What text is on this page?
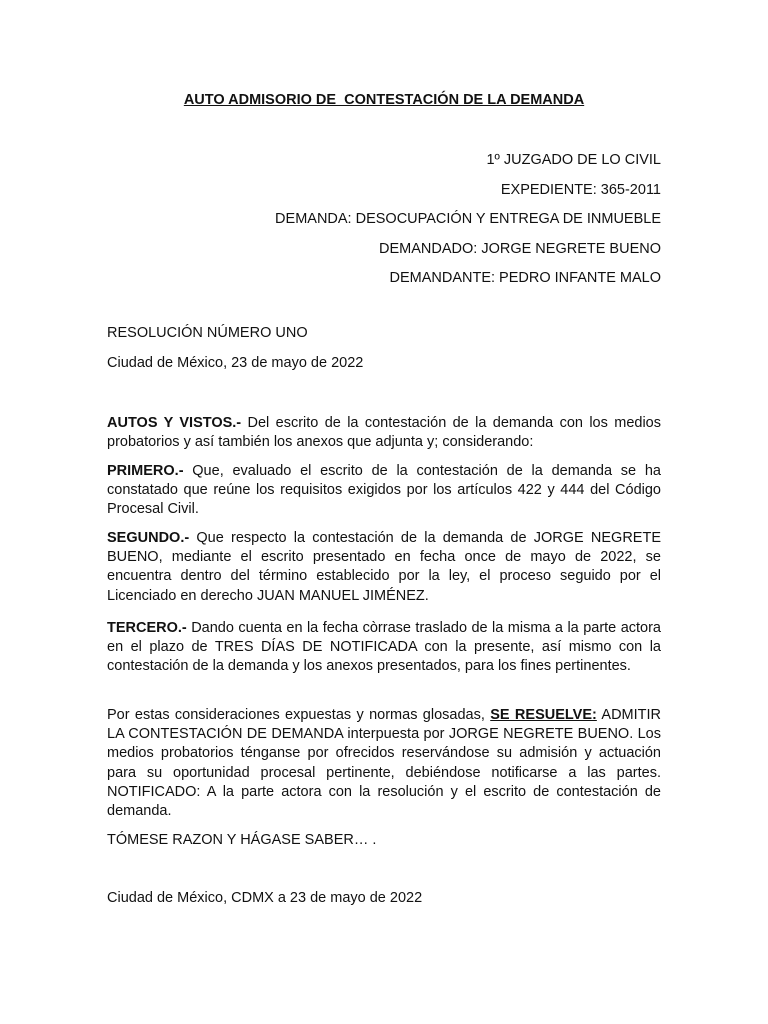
AUTO ADMISORIO DE  CONTESTACIÓN DE LA DEMANDA
1º JUZGADO DE LO CIVIL
EXPEDIENTE: 365-2011
DEMANDA: DESOCUPACIÓN Y ENTREGA DE INMUEBLE
DEMANDADO: JORGE NEGRETE BUENO
DEMANDANTE: PEDRO INFANTE MALO
RESOLUCIÓN NÚMERO UNO
Ciudad de México, 23 de mayo de 2022
AUTOS Y VISTOS.- Del escrito de la contestación de la demanda con los medios probatorios y así también los anexos que adjunta y; considerando:
PRIMERO.- Que, evaluado el escrito de la contestación de la demanda se ha constatado que reúne los requisitos exigidos por los artículos 422 y 444 del Código Procesal Civil.
SEGUNDO.- Que respecto la contestación de la demanda de JORGE NEGRETE BUENO, mediante el escrito presentado en fecha once de mayo de 2022, se encuentra dentro del término establecido por la ley, el proceso seguido por el Licenciado en derecho JUAN MANUEL JIMÉNEZ.
TERCERO.- Dando cuenta en la fecha còrrase traslado de la misma a la parte actora en el plazo de TRES DÍAS DE NOTIFICADA con la presente, así mismo con la contestación de la demanda y los anexos presentados, para los fines pertinentes.
Por estas consideraciones expuestas y normas glosadas, SE RESUELVE: ADMITIR LA CONTESTACIÓN DE DEMANDA interpuesta por JORGE NEGRETE BUENO. Los medios probatorios ténganse por ofrecidos reservándose su admisión y actuación para su oportunidad procesal pertinente, debiéndose notificarse a las partes. NOTIFICADO: A la parte actora con la resolución y el escrito de contestación de demanda.
TÓMESE RAZON Y HÁGASE SABER… .
Ciudad de México, CDMX a 23 de mayo de 2022
